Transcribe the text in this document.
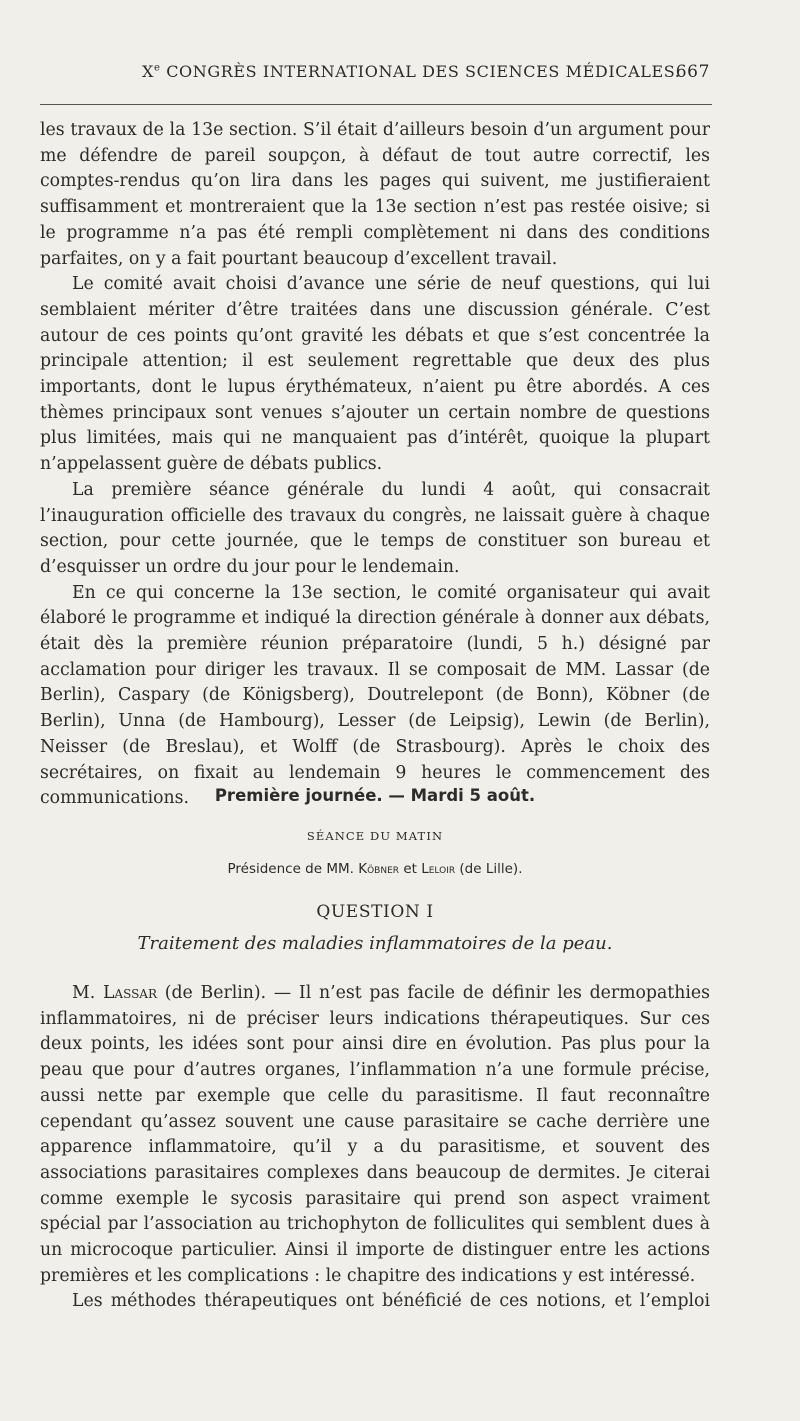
Xe CONGRÈS INTERNATIONAL DES SCIENCES MÉDICALES.
667

les travaux de la 13e section. S’il était d’ailleurs besoin d’un argument pour me défendre de pareil soupçon, à défaut de tout autre correctif, les comptes-rendus qu’on lira dans les pages qui suivent, me justifieraient suffisamment et montreraient que la 13e section n’est pas restée oisive; si le programme n’a pas été rempli complètement ni dans des conditions parfaites, on y a fait pourtant beaucoup d’excellent travail.

Le comité avait choisi d’avance une série de neuf questions, qui lui semblaient mériter d’être traitées dans une discussion générale. C’est autour de ces points qu’ont gravité les débats et que s’est concentrée la principale attention; il est seulement regrettable que deux des plus importants, dont le lupus érythémateux, n’aient pu être abordés. A ces thèmes principaux sont venues s’ajouter un certain nombre de questions plus limitées, mais qui ne manquaient pas d’intérêt, quoique la plupart n’appelassent guère de débats publics.

La première séance générale du lundi 4 août, qui consacrait l’inauguration officielle des travaux du congrès, ne laissait guère à chaque section, pour cette journée, que le temps de constituer son bureau et d’esquisser un ordre du jour pour le lendemain.

En ce qui concerne la 13e section, le comité organisateur qui avait élaboré le programme et indiqué la direction générale à donner aux débats, était dès la première réunion préparatoire (lundi, 5 h.) désigné par acclamation pour diriger les travaux. Il se composait de MM. Lassar (de Berlin), Caspary (de Königsberg), Doutrelepont (de Bonn), Köbner (de Berlin), Unna (de Hambourg), Lesser (de Leipsig), Lewin (de Berlin), Neisser (de Breslau), et Wolff (de Strasbourg). Après le choix des secrétaires, on fixait au lendemain 9 heures le commencement des communications.	Première journée. — Mardi 5 août.
SÉANCE DU MATIN
Présidence de MM. Köbner et Leloir (de Lille).
QUESTION I
Traitement des maladies inflammatoires de la peau.

M. Lassar (de Berlin). — Il n’est pas facile de définir les dermopathies inflammatoires, ni de préciser leurs indications thérapeutiques. Sur ces deux points, les idées sont pour ainsi dire en évolution. Pas plus pour la peau que pour d’autres organes, l’inflammation n’a une formule précise, aussi nette par exemple que celle du parasitisme. Il faut reconnaître cependant qu’assez souvent une cause parasitaire se cache derrière une apparence inflammatoire, qu’il y a du parasitisme, et souvent des associations parasitaires complexes dans beaucoup de dermites. Je citerai comme exemple le sycosis parasitaire qui prend son aspect vraiment spécial par l’association au trichophyton de folliculites qui semblent dues à un microcoque particulier. Ainsi il importe de distinguer entre les actions premières et les complications : le chapitre des indications y est intéressé.

Les méthodes thérapeutiques ont bénéficié de ces notions, et l’emploi
